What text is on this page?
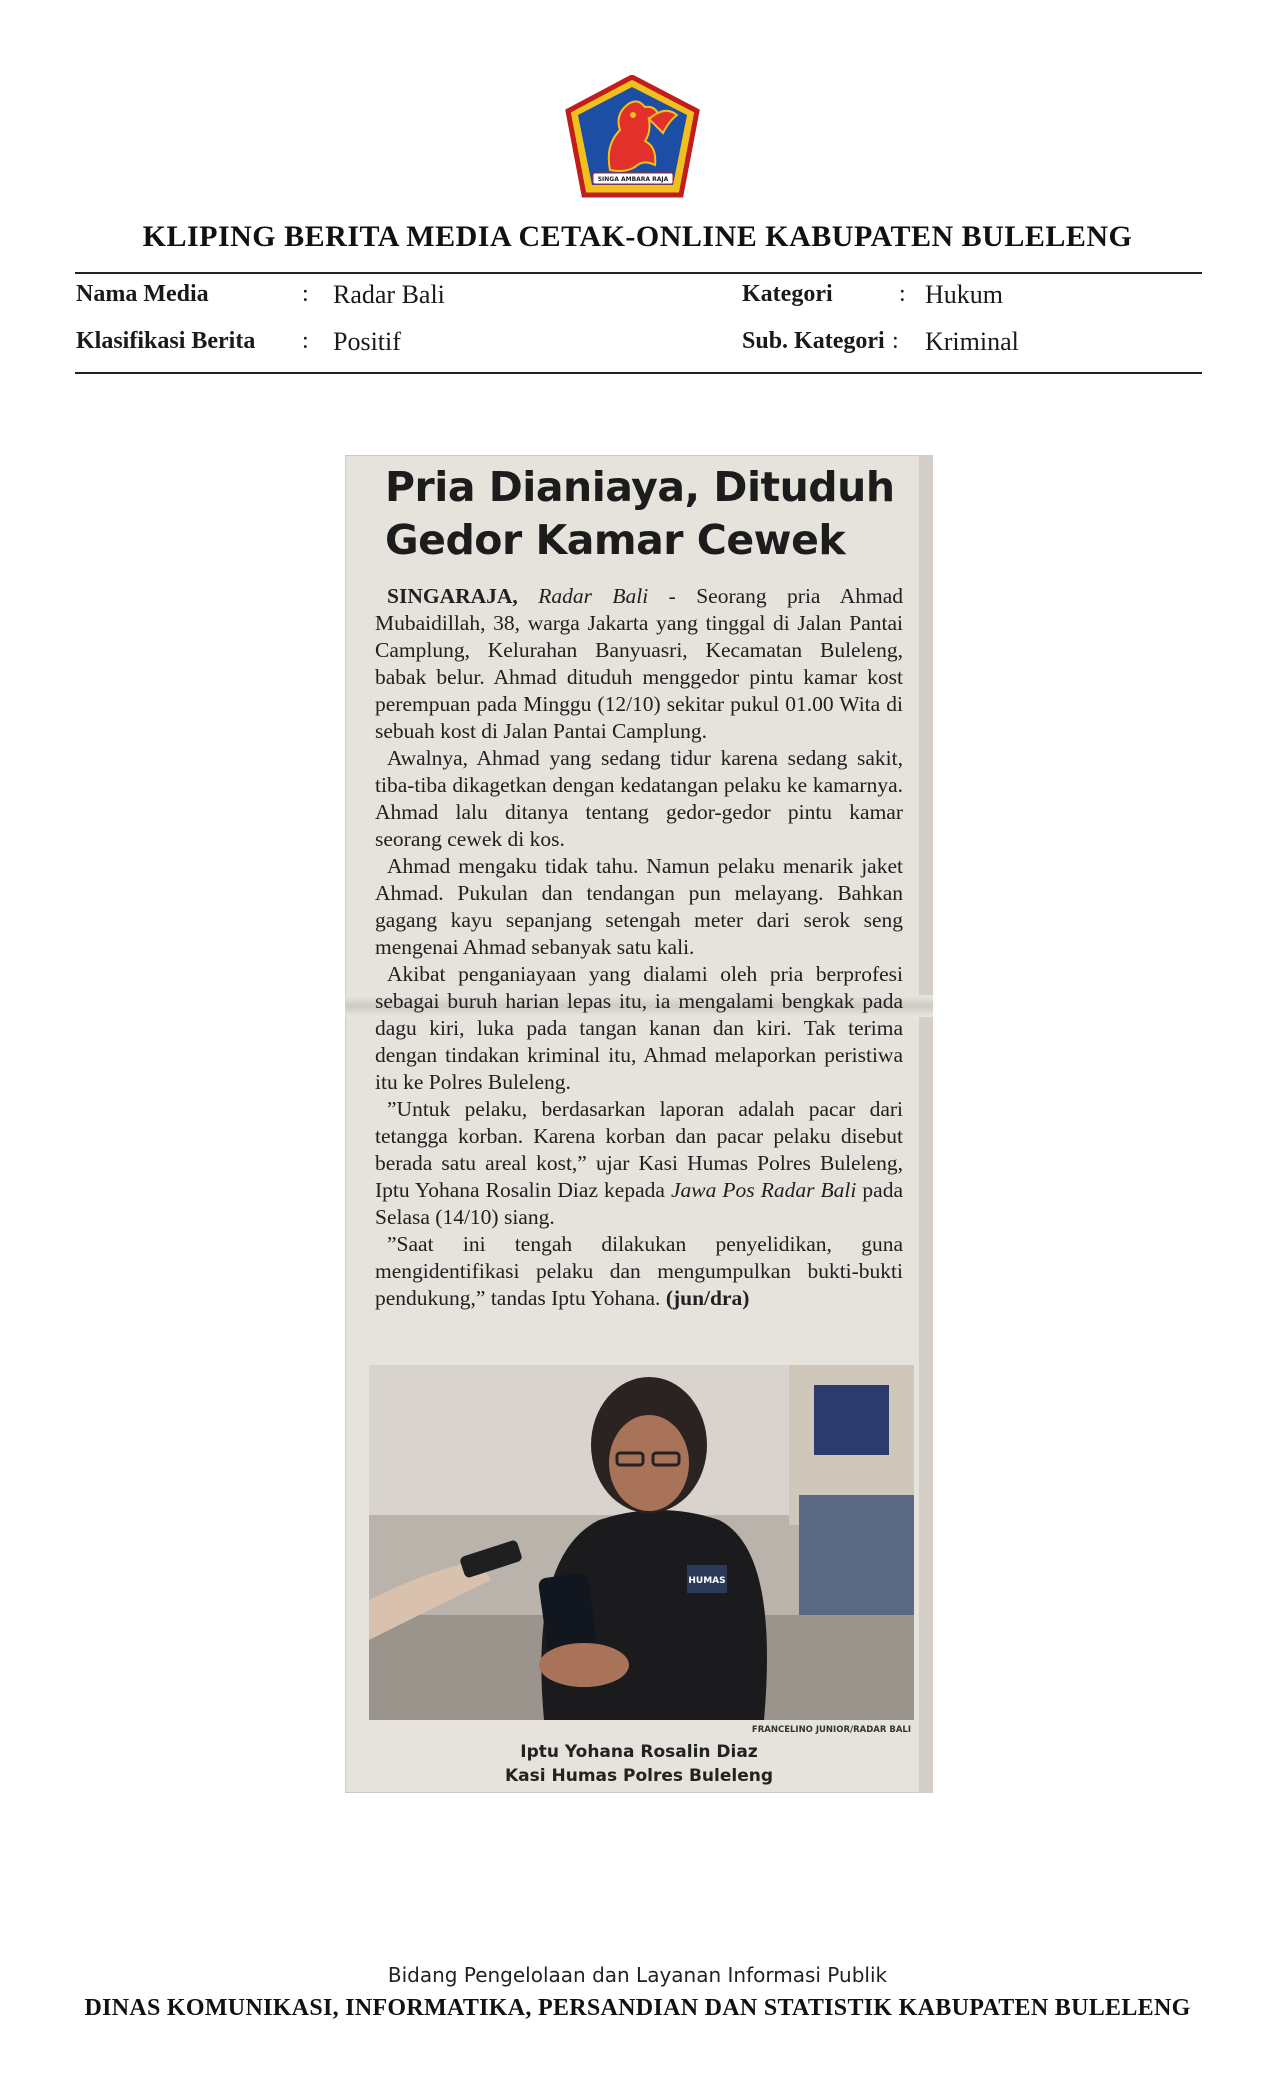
SINGA AMBARA RAJA
KLIPING BERITA MEDIA CETAK-ONLINE KABUPATEN BULELENG
Nama Media	: Radar Bali
Klasifikasi Berita : Positif
Kategori	: Hukum
Sub. Kategori : Kriminal
Pria Dianiaya, Dituduh
Gedor Kamar Cewek

SINGARAJA, Radar Bali - Seorang pria Ahmad Mubaidillah, 38, warga Jakarta yang tinggal di Jalan Pantai Camplung, Kelurahan Banyuasri, Kecamatan Buleleng, babak belur. Ahmad dituduh menggedor pintu kamar kost perempuan pada Minggu (12/10) sekitar pukul 01.00 Wita di sebuah kost di Jalan Pantai Camplung.

Awalnya, Ahmad yang sedang tidur karena sedang sakit, tiba-tiba dikagetkan dengan kedatangan pelaku ke kamarnya. Ahmad lalu ditanya tentang gedor-gedor pintu kamar seorang cewek di kos.

Ahmad mengaku tidak tahu. Namun pelaku menarik jaket Ahmad. Pukulan dan tendangan pun melayang. Bahkan gagang kayu sepanjang setengah meter dari serok seng mengenai Ahmad sebanyak satu kali.

Akibat penganiayaan yang dialami oleh pria berprofesi sebagai buruh harian lepas itu, ia mengalami bengkak pada dagu kiri, luka pada tangan kanan dan kiri. Tak terima dengan tindakan kriminal itu, Ahmad melaporkan peristiwa itu ke Polres Buleleng.

”Untuk pelaku, berdasarkan laporan adalah pacar dari tetangga korban. Karena korban dan pacar pelaku disebut berada satu areal kost,” ujar Kasi Humas Polres Buleleng, Iptu Yohana Rosalin Diaz kepada Jawa Pos Radar Bali pada Selasa (14/10) siang.

”Saat ini tengah dilakukan penyelidikan, guna mengidentifikasi pelaku dan mengumpulkan bukti-bukti pendukung,” tandas Iptu Yohana. (jun/dra)

HUMAS
FRANCELINO JUNIOR/RADAR BALI
Iptu Yohana Rosalin Diaz
Kasi Humas Polres Buleleng
Bidang Pengelolaan dan Layanan Informasi Publik
DINAS KOMUNIKASI, INFORMATIKA, PERSANDIAN DAN STATISTIK KABUPATEN BULELENG
